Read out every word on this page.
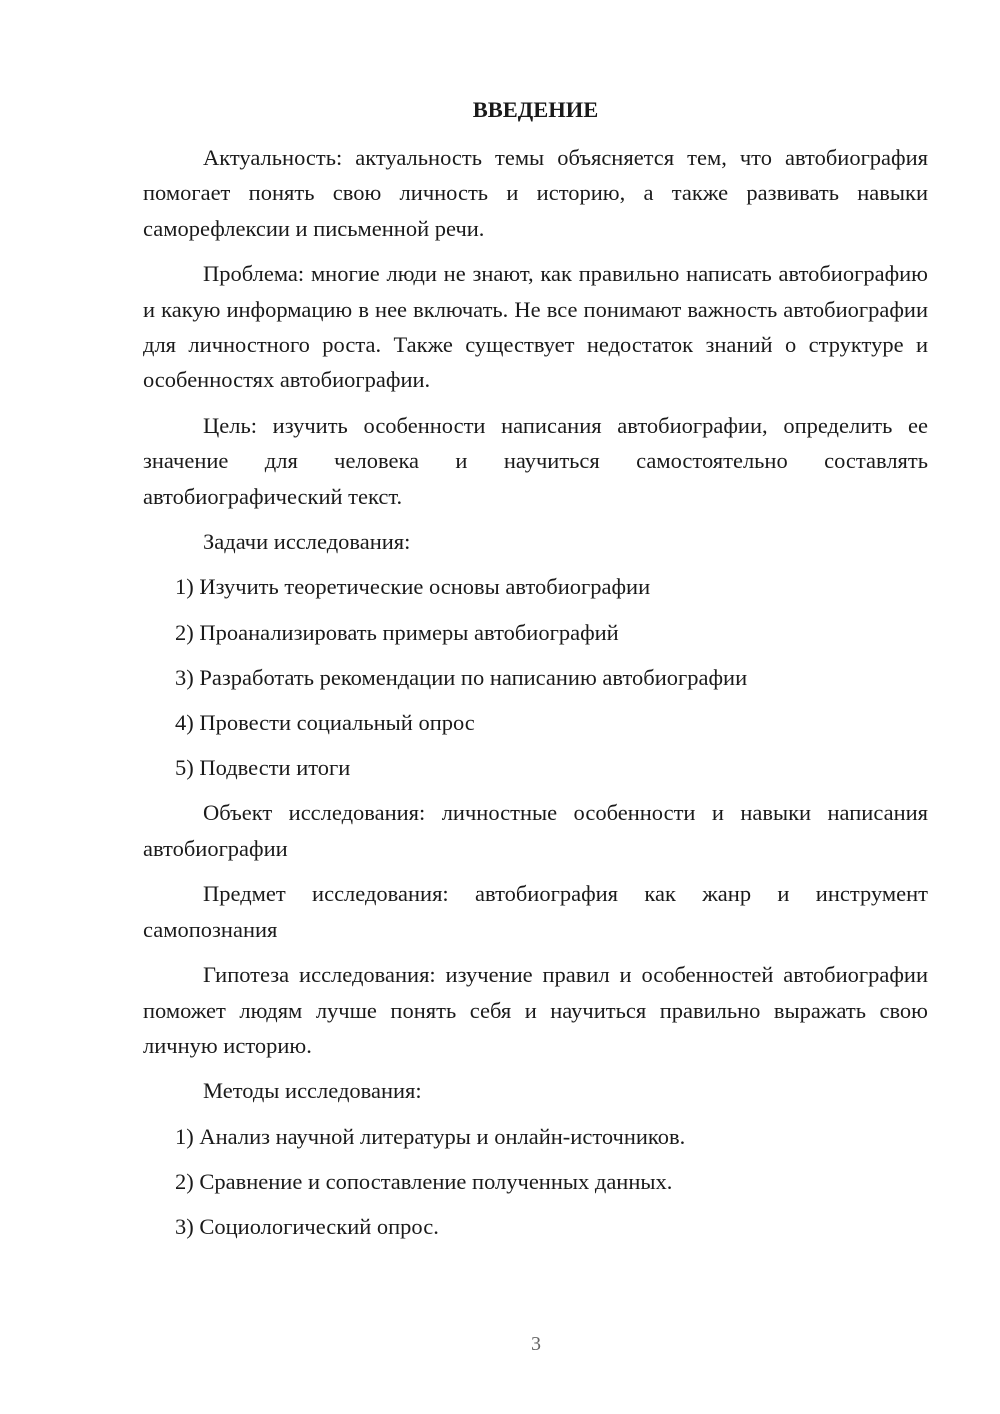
ВВЕДЕНИЕ

Актуальность: актуальность темы объясняется тем, что автобиография помогает понять свою личность и историю, а также развивать навыки саморефлексии и письменной речи.

Проблема: многие люди не знают, как правильно написать автобиографию и какую информацию в нее включать. Не все понимают важность автобиографии для личностного роста. Также существует недостаток знаний о структуре и особенностях автобиографии.

Цель: изучить особенности написания автобиографии, определить ее значение для человека и научиться самостоятельно составлять автобиографический текст.

Задачи исследования:

1) Изучить теоретические основы автобиографии
2) Проанализировать примеры автобиографий
3) Разработать рекомендации по написанию автобиографии
4) Провести социальный опрос
5) Подвести итоги

Объект исследования: личностные особенности и навыки написания автобиографии

Предмет исследования: автобиография как жанр и инструмент самопознания

Гипотеза исследования: изучение правил и особенностей автобиографии поможет людям лучше понять себя и научиться правильно выражать свою личную историю.

Методы исследования:

1) Анализ научной литературы и онлайн-источников.
2) Сравнение и сопоставление полученных данных.
3) Социологический опрос.
3
